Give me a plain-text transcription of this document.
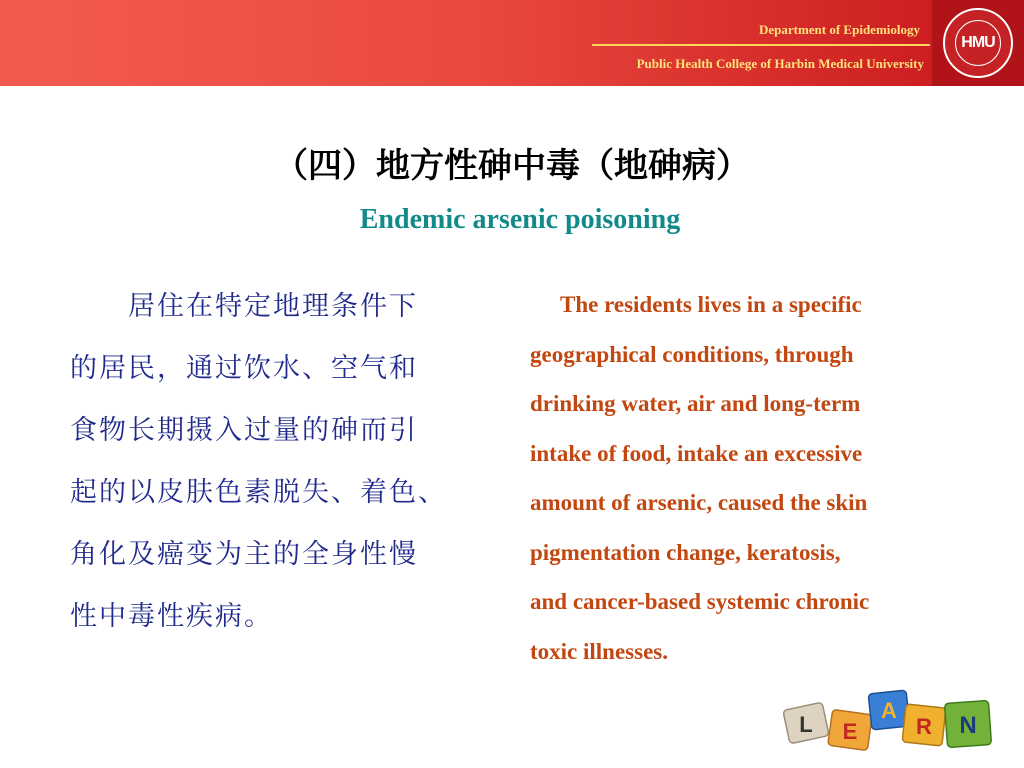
Department of Epidemiology
Public Health College of Harbin Medical University
HMU
（四）地方性砷中毒（地砷病）
Endemic arsenic poisoning
　　居住在特定地理条件下
的居民，通过饮水、空气和
食物长期摄入过量的砷而引
起的以皮肤色素脱失、着色、
角化及癌变为主的全身性慢
性中毒性疾病。
The residents lives in a specific
geographical conditions, through
drinking water, air and long-term
intake of food, intake an excessive
amount of arsenic, caused the skin
pigmentation change, keratosis,
and cancer-based systemic chronic
toxic illnesses.
L E
A
R N
